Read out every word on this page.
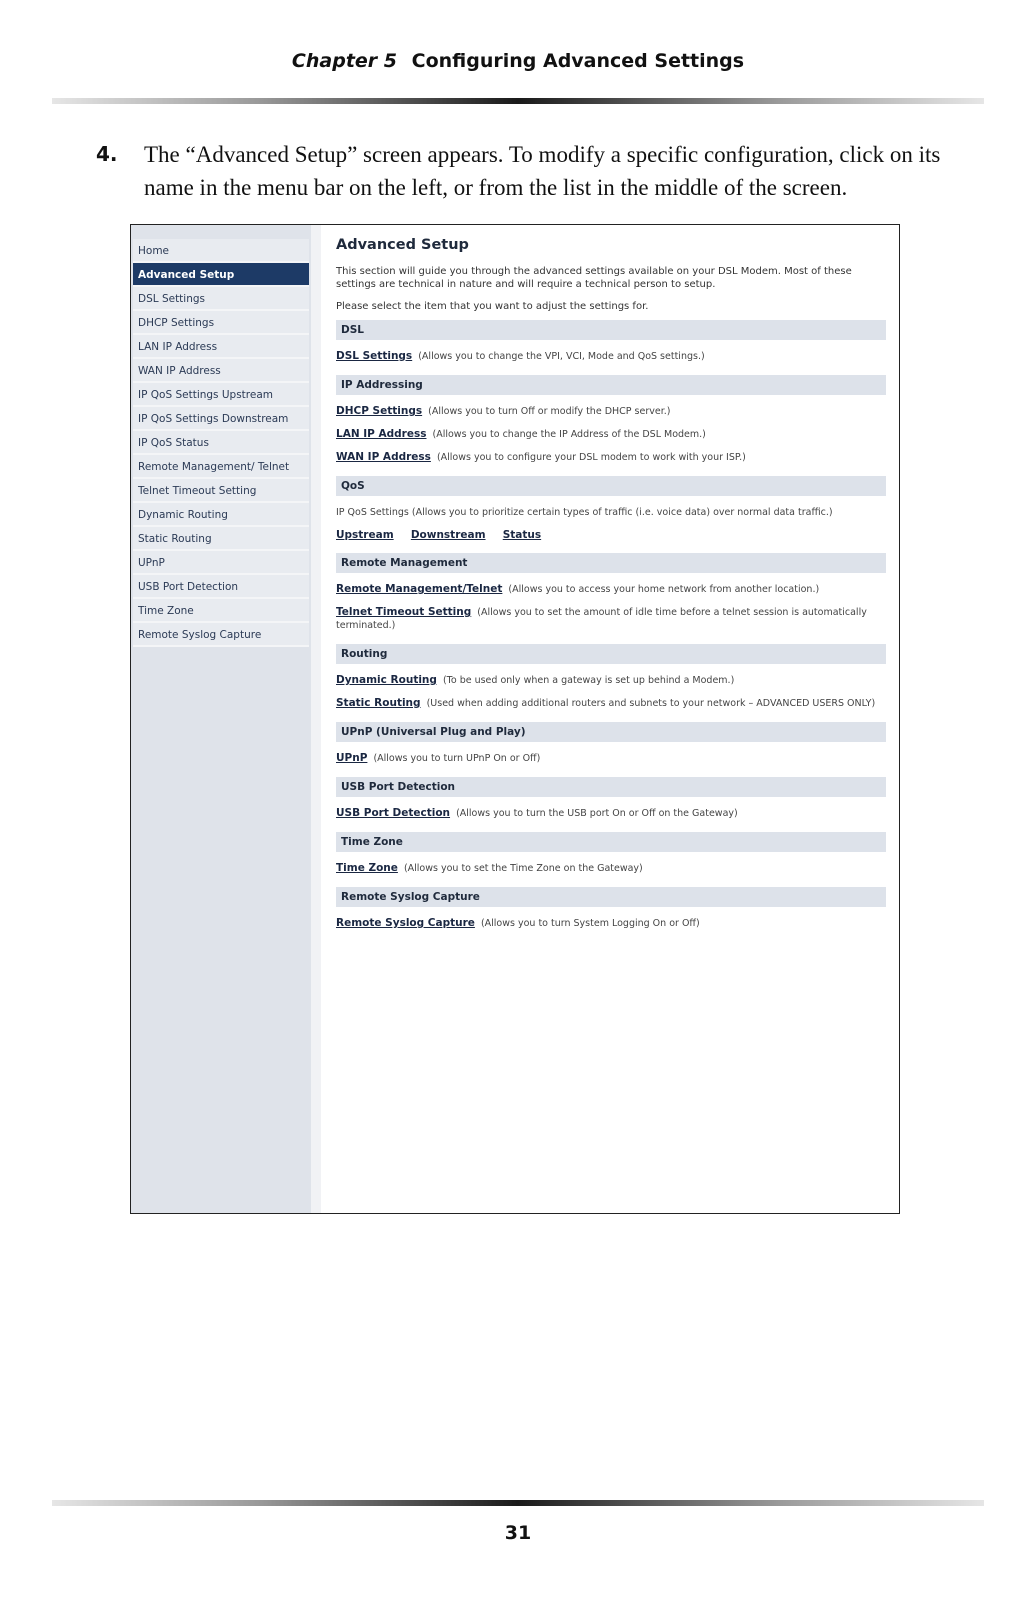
Chapter 5 Configuring Advanced Settings
4. The “Advanced Setup” screen appears. To modify a specific configuration, click on its name in the menu bar on the left, or from the list in the middle of the screen.
Home
Advanced Setup
DSL Settings
DHCP Settings
LAN IP Address
WAN IP Address
IP QoS Settings Upstream
IP QoS Settings Downstream
IP QoS Status
Remote Management/ Telnet
Telnet Timeout Setting
Dynamic Routing
Static Routing
UPnP
USB Port Detection
Time Zone
Remote Syslog Capture
Advanced Setup
This section will guide you through the advanced settings available on your DSL Modem. Most of these settings are technical in nature and will require a technical person to setup.
Please select the item that you want to adjust the settings for.
DSL
DSL Settings (Allows you to change the VPI, VCI, Mode and QoS settings.)
IP Addressing
DHCP Settings (Allows you to turn Off or modify the DHCP server.)
LAN IP Address (Allows you to change the IP Address of the DSL Modem.)
WAN IP Address (Allows you to configure your DSL modem to work with your ISP.)
QoS
IP QoS Settings (Allows you to prioritize certain types of traffic (i.e. voice data) over normal data traffic.)
Upstream Downstream Status
Remote Management
Remote Management/Telnet (Allows you to access your home network from another location.)
Telnet Timeout Setting (Allows you to set the amount of idle time before a telnet session is automatically terminated.)
Routing
Dynamic Routing (To be used only when a gateway is set up behind a Modem.)
Static Routing (Used when adding additional routers and subnets to your network – ADVANCED USERS ONLY)
UPnP (Universal Plug and Play)
UPnP (Allows you to turn UPnP On or Off)
USB Port Detection
USB Port Detection (Allows you to turn the USB port On or Off on the Gateway)
Time Zone
Time Zone (Allows you to set the Time Zone on the Gateway)
Remote Syslog Capture
Remote Syslog Capture (Allows you to turn System Logging On or Off)
31
